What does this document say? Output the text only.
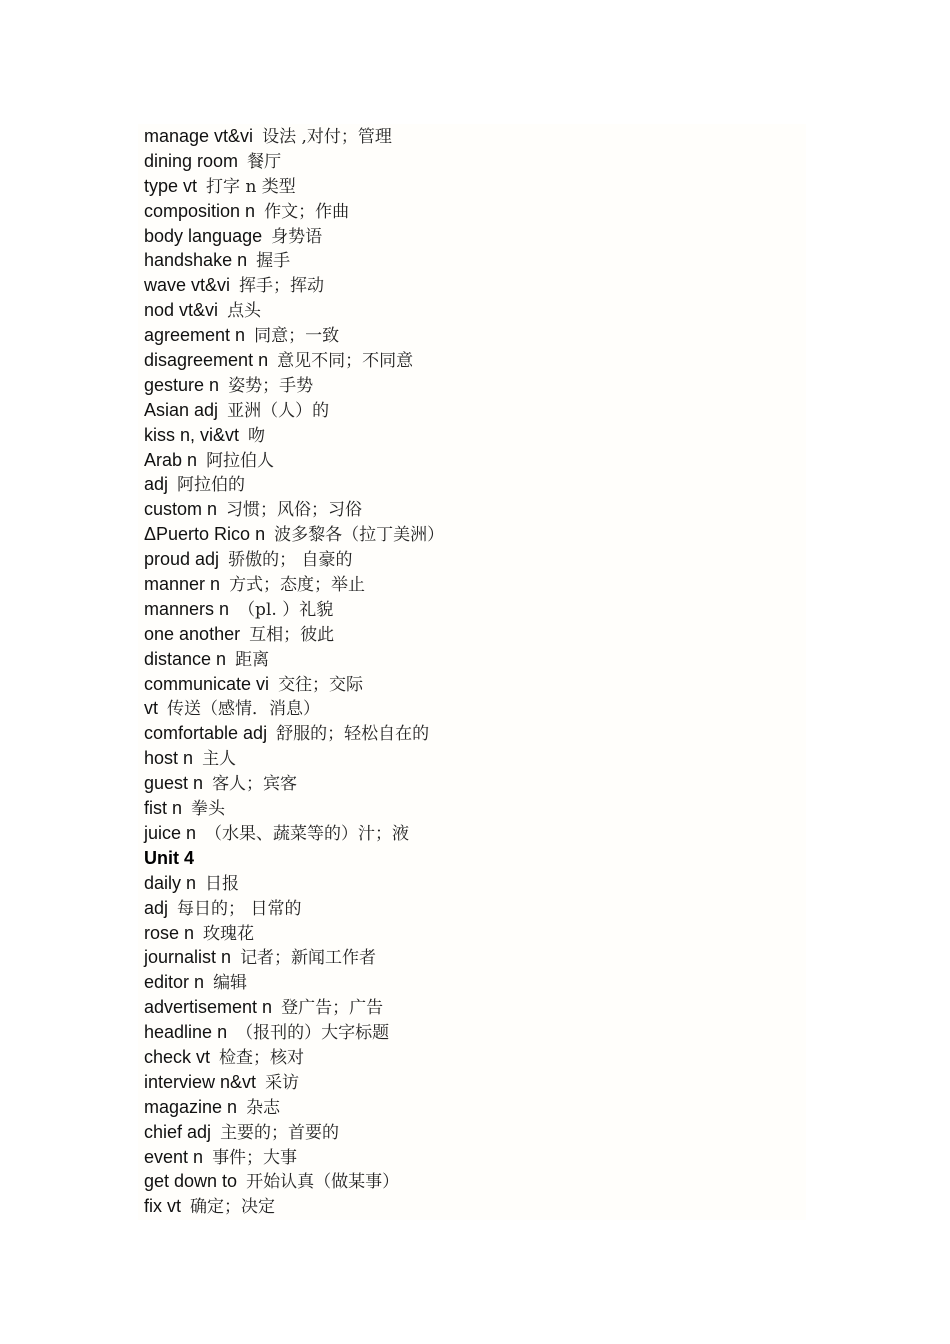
manage vt&vi 设法 ,对付；管理
dining room 餐厅
type vt 打字 n 类型
composition n 作文；作曲
body language 身势语
handshake n 握手
wave vt&vi 挥手；挥动
nod vt&vi 点头
agreement n 同意；一致
disagreement n 意见不同；不同意
gesture n 姿势；手势
Asian adj 亚洲（人）的
kiss n, vi&vt 吻
Arab n 阿拉伯人
adj 阿拉伯的
custom n 习惯；风俗；习俗
ΔPuerto Rico n 波多黎各（拉丁美洲）
proud adj 骄傲的； 自豪的
manner n 方式；态度；举止
manners n （pl. ）礼貌
one another 互相；彼此
distance n 距离
communicate vi 交往；交际
vt 传送（感情．消息）
comfortable adj 舒服的；轻松自在的
host n 主人
guest n 客人；宾客
fist n 拳头
juice n （水果、蔬菜等的）汁；液
Unit 4
daily n 日报
adj 每日的； 日常的
rose n 玫瑰花
journalist n 记者；新闻工作者
editor n 编辑
advertisement n 登广告；广告
headline n （报刊的）大字标题
check vt 检查；核对
interview n&vt 采访
magazine n 杂志
chief adj 主要的；首要的
event n 事件；大事
get down to 开始认真（做某事）
fix vt 确定；决定
